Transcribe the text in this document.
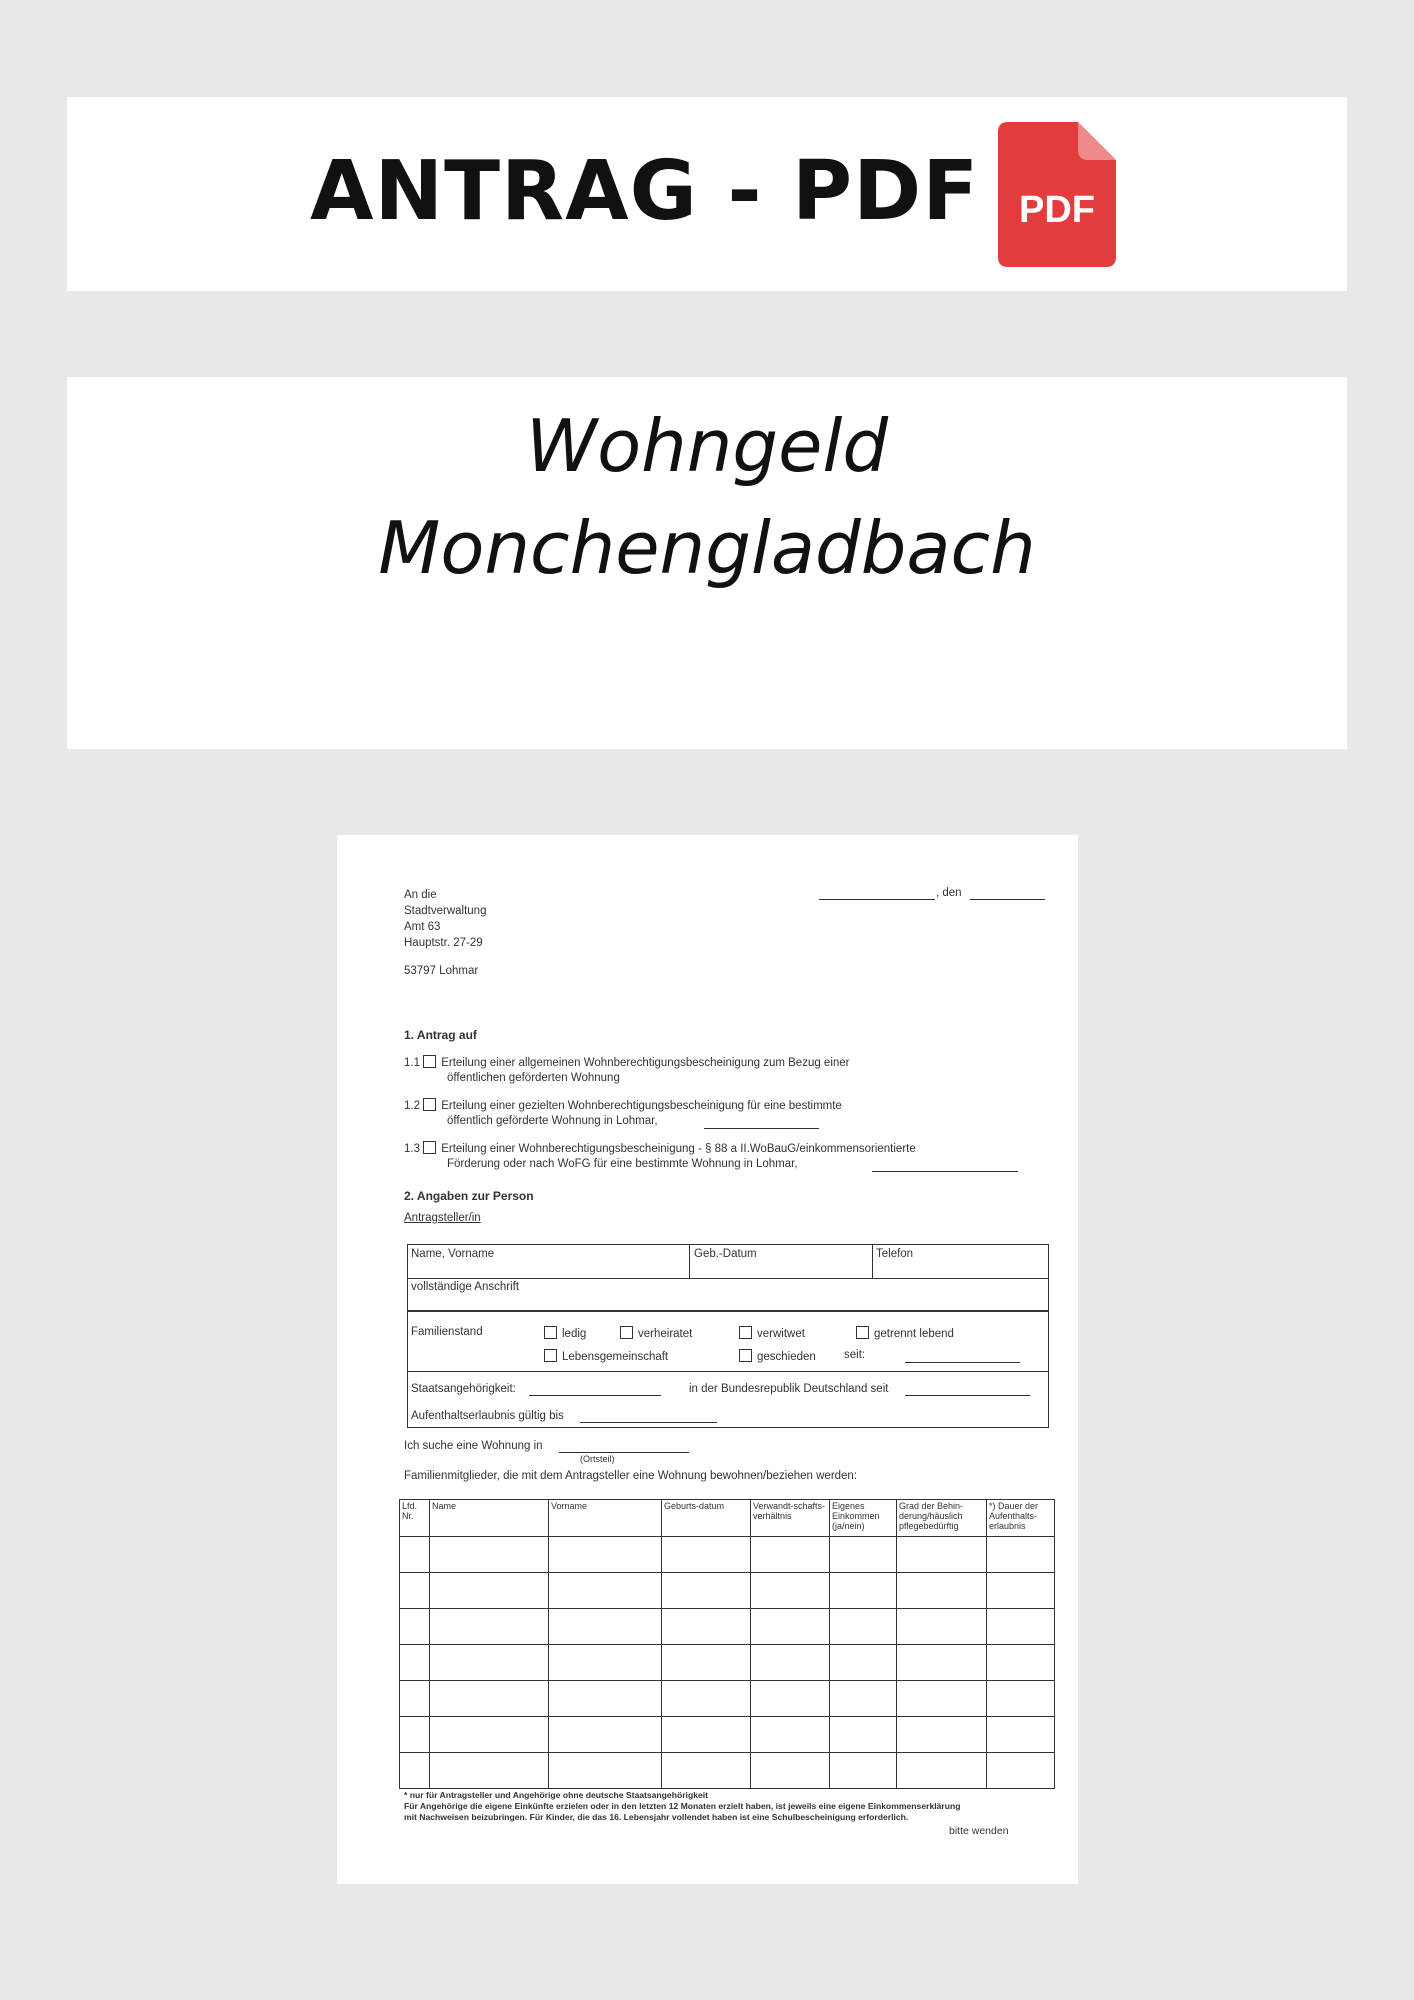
ANTRAG - PDF PDF
Wohngeld
Monchengladbach
An die
Stadtverwaltung
Amt 63
Hauptstr. 27-29
53797 Lohmar
, den
1. Antrag auf
1.1 Erteilung einer allgemeinen Wohnberechtigungsbescheinigung zum Bezug einer
öffentlichen geförderten Wohnung
1.2 Erteilung einer gezielten Wohnberechtigungsbescheinigung für eine bestimmte
öffentlich geförderte Wohnung in Lohmar,
1.3 Erteilung einer Wohnberechtigungsbescheinigung - § 88 a II.WoBauG/einkommensorientierte
Förderung oder nach WoFG für eine bestimmte Wohnung in Lohmar,
2. Angaben zur Person
Antragsteller/in
Name, Vorname	Geb.-Datum	Telefon
vollständige Anschrift
Familienstand	ledig	verheiratet	verwitwet	getrennt lebend
Lebensgemeinschaft	geschieden seit:
Staatsangehörigkeit:	in der Bundesrepublik Deutschland seit
Aufenthaltserlaubnis gültig bis
Ich suche eine Wohnung in
(Ortsteil)
Familienmitglieder, die mit dem Antragsteller eine Wohnung bewohnen/beziehen werden:
Lfd. Nr.	Name	Vorname	Geburts-datum	Verwandt-schafts-verhältnis	Eigenes Einkommen (ja/nein)	Grad der Behin-derung/häuslich pflegebedürftig	*) Dauer der Aufenthalts-erlaubnis

* nur für Antragsteller und Angehörige ohne deutsche Staatsangehörigkeit
Für Angehörige die eigene Einkünfte erzielen oder in den letzten 12 Monaten erzielt haben, ist jeweils eine eigene Einkommenserklärung
mit Nachweisen beizubringen. Für Kinder, die das 16. Lebensjahr vollendet haben ist eine Schulbescheinigung erforderlich.
bitte wenden
